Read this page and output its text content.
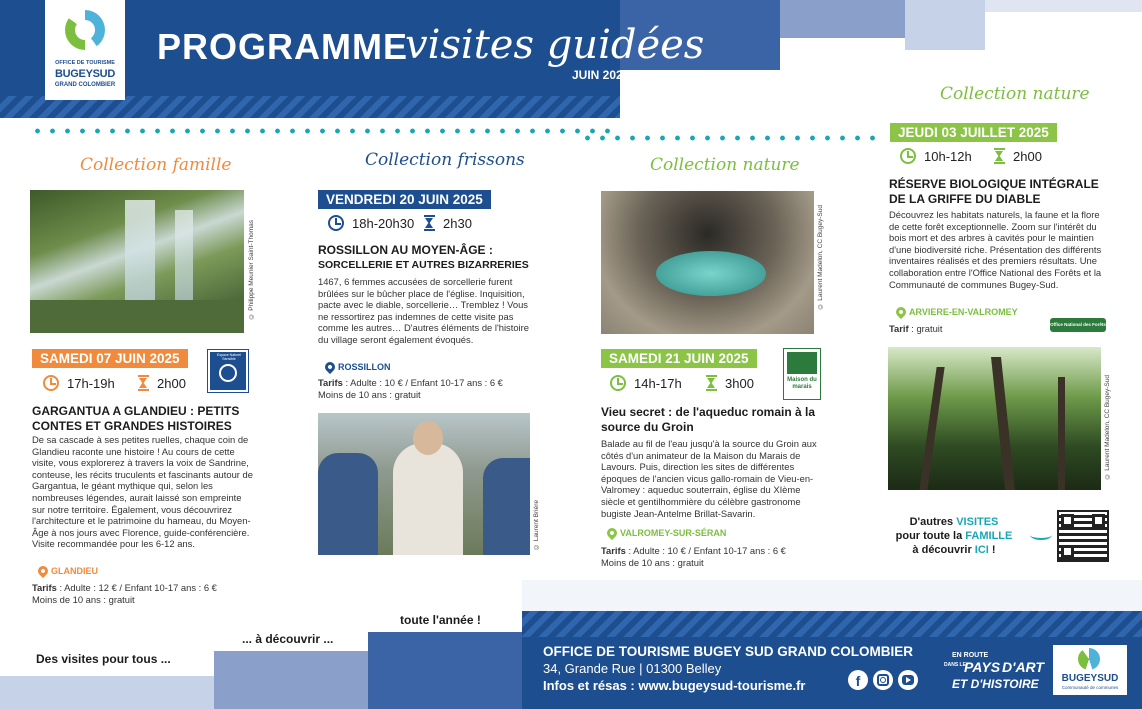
OFFICE DE TOURISME
BUGEYSUD
GRAND COLOMBIER
PROGRAMME
visites guidées
JUIN 2025
Collection famille
© Philippe Meunier Saint-Thomas
SAMEDI 07 JUIN 2025	Espace Naturel Sensible
17h-19h	2h00
GARGANTUA A GLANDIEU : PETITS CONTES ET GRANDES HISTOIRES
De sa cascade à ses petites ruelles, chaque coin de Glandieu raconte une histoire ! Au cours de cette visite, vous explorerez à travers la voix de Sandrine, conteuse, les récits truculents et fascinants autour de Gargantua, le géant mythique qui, selon les nombreuses légendes, aurait laissé son empreinte sur notre territoire. Également, vous découvrirez l'architecture et le patrimoine du hameau, du Moyen- Âge à nos jours avec Florence, guide-conférencière. Visite recommandée pour les 6-12 ans.
GLANDIEU
Tarifs : Adulte : 12 € / Enfant 10-17 ans : 6 €
Moins de 10 ans : gratuit
Collection frissons
VENDREDI 20 JUIN 2025
18h-20h30 2h30
ROSSILLON AU MOYEN-ÂGE :
SORCELLERIE ET AUTRES BIZARRERIES
1467, 6 femmes accusées de sorcellerie furent brûlées sur le bûcher place de l'église. Inquisition, pacte avec le diable, sorcellerie… Tremblez ! Vous ne ressortirez pas indemnes de cette visite pas comme les autres… D'autres éléments de l'histoire du village seront également évoqués.
ROSSILLON
Tarifs : Adulte : 10 € / Enfant 10-17 ans : 6 €
Moins de 10 ans : gratuit
© Laurent Brière
Collection nature
© Laurent Madelon, CC Bugey-Sud
SAMEDI 21 JUIN 2025
Maison du marais
14h-17h	3h00
Vieu secret : de l'aqueduc romain à la source du Groin
Balade au fil de l'eau jusqu'à la source du Groin aux côtés d'un animateur de la Maison du Marais de Lavours. Puis, direction les sites de différentes époques de l'ancien vicus gallo-romain de Vieu-en-Valromey : aqueduc souterrain, église du XIème siècle et gentilhommière du célèbre gastronome bugiste Jean-Antelme Brillat-Savarin.
VALROMEY-SUR-SÉRAN
Tarifs : Adulte : 10 € / Enfant 10-17 ans : 6 €
Moins de 10 ans : gratuit
Collection nature
JEUDI 03 JUILLET 2025
10h-12h	2h00
RÉSERVE BIOLOGIQUE INTÉGRALE DE LA GRIFFE DU DIABLE
Découvrez les habitats naturels, la faune et la flore de cette forêt exceptionnelle. Zoom sur l'intérêt du bois mort et des arbres à cavités pour le maintien d'une biodiversité riche. Présentation des différents inventaires réalisés et des premiers résultats. Une collaboration entre l'Office National des Forêts et la Communauté de communes Bugey-Sud.
ARVIERE-EN-VALROMEY
Tarif : gratuit	Office National des Forêts
© Laurent Madelon, CC Bugey-Sud
D'autres VISITES
pour toute la FAMILLE
à découvrir ICI !
Des visites pour tous ...
... à découvrir ...
toute l'année !
OFFICE DE TOURISME BUGEY SUD GRAND COLOMBIER
34, Grande Rue | 01300 Belley
Infos et résas : www.bugeysud-tourisme.fr	f
EN ROUTE
DANS LE
PAYS D'ART
ET D'HISTOIRE	BUGEYSUD
Communauté de communes
